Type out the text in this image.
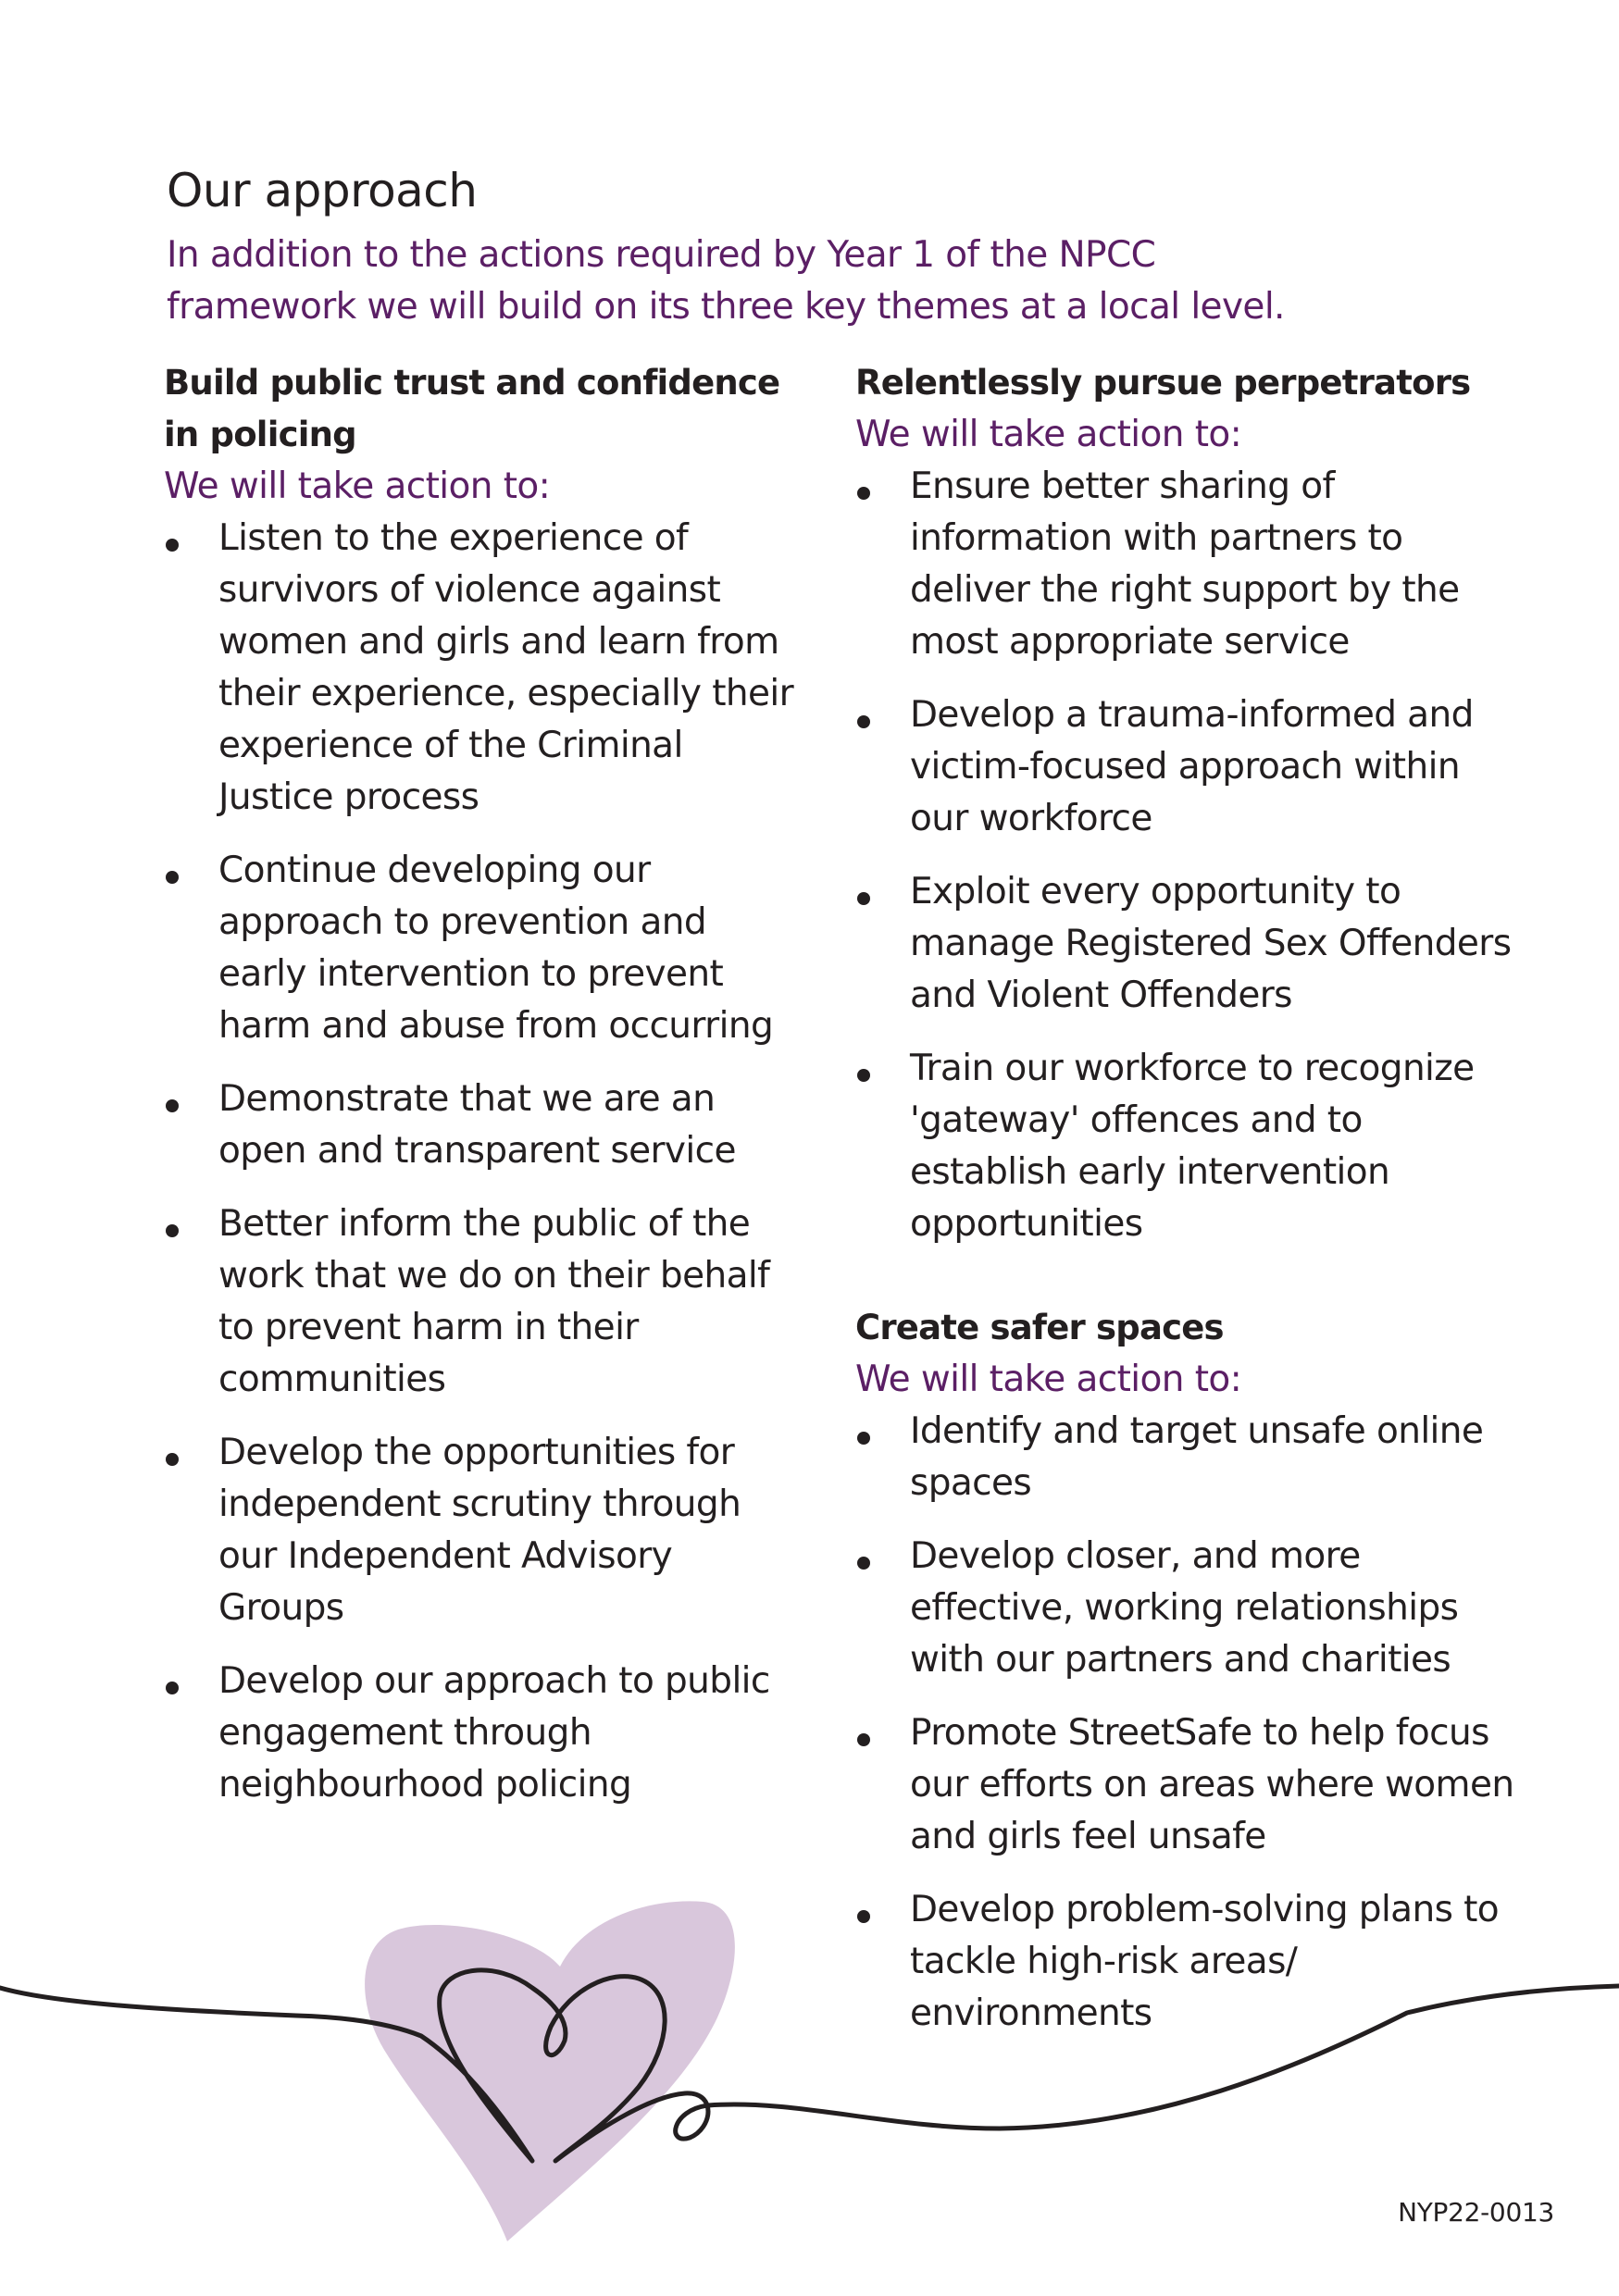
Our approach
In addition to the actions required by Year 1 of the NPCC
framework we will build on its three key themes at a local level.

Build public trust and confidence
in policing

We will take action to:

Listen to the experience of survivors of violence against women and girls and learn from their experience, especially their experience of the Criminal Justice process
Continue developing our approach to prevention and early intervention to prevent harm and abuse from occurring
Demonstrate that we are an open and transparent service
Better inform the public of the work that we do on their behalf to prevent harm in their communities
Develop the opportunities for independent scrutiny through our Independent Advisory Groups
Develop our approach to public engagement through neighbourhood policing

Relentlessly pursue perpetrators

We will take action to:

Ensure better sharing of information with partners to deliver the right support by the most appropriate service
Develop a trauma-informed and victim-focused approach within our workforce
Exploit every opportunity to manage Registered Sex Offenders and Violent Offenders
Train our workforce to recognize 'gateway' offences and to establish early intervention opportunities

Create safer spaces

We will take action to:

Identify and target unsafe online spaces
Develop closer, and more effective, working relationships with our partners and charities
Promote StreetSafe to help focus our efforts on areas where women and girls feel unsafe
Develop problem-solving plans to tackle high-risk areas/ environments
NYP22-0013
